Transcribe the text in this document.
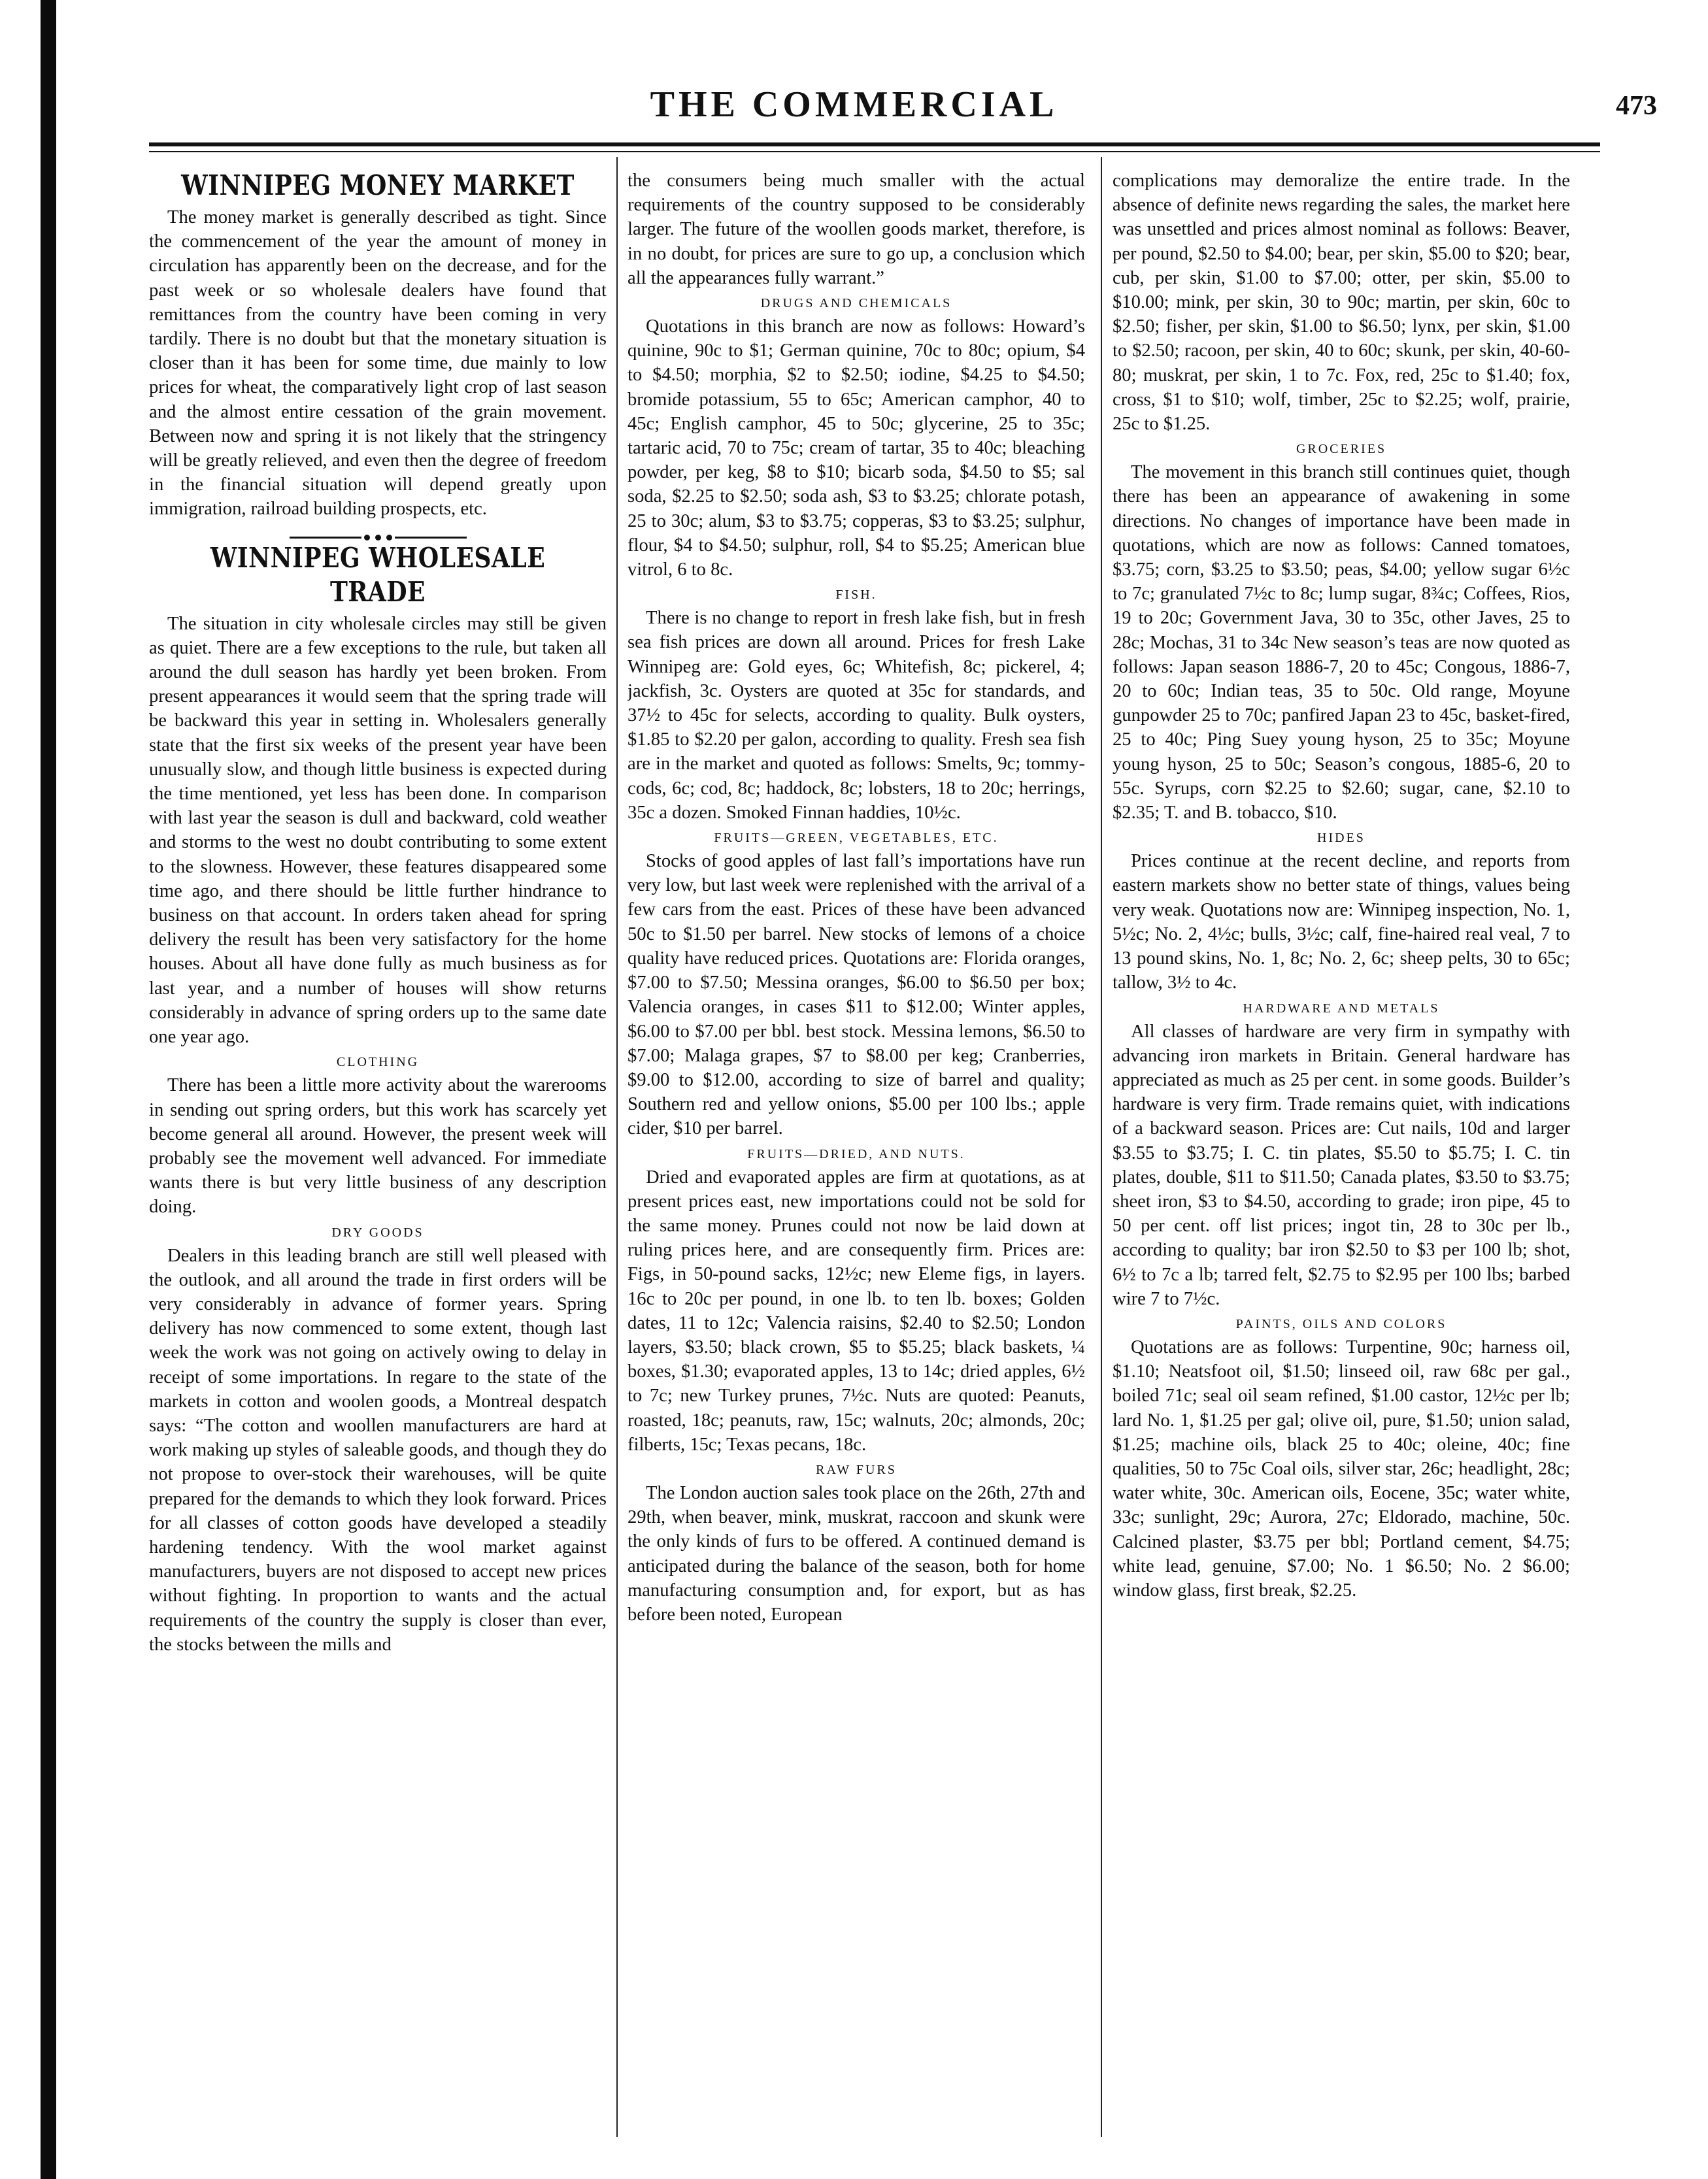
THE COMMERCIAL	473
WINNIPEG MONEY MARKET

The money market is generally described as tight. Since the commencement of the year the amount of money in circulation has apparently been on the decrease, and for the past week or so wholesale dealers have found that remittances from the country have been coming in very tardily. There is no doubt but that the monetary situation is closer than it has been for some time, due mainly to low prices for wheat, the comparatively light crop of last season and the almost entire cessation of the grain movement. Between now and spring it is not likely that the stringency will be greatly relieved, and even then the degree of freedom in the financial situation will depend greatly upon immigration, railroad building prospects, etc.

WINNIPEG WHOLESALE TRADE

The situation in city wholesale circles may still be given as quiet. There are a few exceptions to the rule, but taken all around the dull season has hardly yet been broken. From present appearances it would seem that the spring trade will be backward this year in setting in. Wholesalers generally state that the first six weeks of the present year have been unusually slow, and though little business is expected during the time mentioned, yet less has been done. In comparison with last year the season is dull and backward, cold weather and storms to the west no doubt contributing to some extent to the slowness. However, these features disappeared some time ago, and there should be little further hindrance to business on that account. In orders taken ahead for spring delivery the result has been very satisfactory for the home houses. About all have done fully as much business as for last year, and a number of houses will show returns considerably in advance of spring orders up to the same date one year ago.

CLOTHING

There has been a little more activity about the warerooms in sending out spring orders, but this work has scarcely yet become general all around. However, the present week will probably see the movement well advanced. For immediate wants there is but very little business of any description doing.

DRY GOODS

Dealers in this leading branch are still well pleased with the outlook, and all around the trade in first orders will be very considerably in advance of former years. Spring delivery has now commenced to some extent, though last week the work was not going on actively owing to delay in receipt of some importations. In regare to the state of the markets in cotton and woolen goods, a Montreal despatch says: “The cotton and woollen manufacturers are hard at work making up styles of saleable goods, and though they do not propose to over-stock their warehouses, will be quite prepared for the demands to which they look forward. Prices for all classes of cotton goods have developed a steadily hardening tendency. With the wool market against manufacturers, buyers are not disposed to accept new prices without fighting. In proportion to wants and the actual requirements of the country the supply is closer than ever, the stocks between the mills and

the consumers being much smaller with the actual requirements of the country supposed to be considerably larger. The future of the woollen goods market, therefore, is in no doubt, for prices are sure to go up, a conclusion which all the appearances fully warrant.”

DRUGS AND CHEMICALS

Quotations in this branch are now as follows: Howard’s quinine, 90c to $1; German quinine, 70c to 80c; opium, $4 to $4.50; morphia, $2 to $2.50; iodine, $4.25 to $4.50; bromide potassium, 55 to 65c; American camphor, 40 to 45c; English camphor, 45 to 50c; glycerine, 25 to 35c; tartaric acid, 70 to 75c; cream of tartar, 35 to 40c; bleaching powder, per keg, $8 to $10; bicarb soda, $4.50 to $5; sal soda, $2.25 to $2.50; soda ash, $3 to $3.25; chlorate potash, 25 to 30c; alum, $3 to $3.75; copperas, $3 to $3.25; sulphur, flour, $4 to $4.50; sulphur, roll, $4 to $5.25; American blue vitrol, 6 to 8c.

FISH.

There is no change to report in fresh lake fish, but in fresh sea fish prices are down all around. Prices for fresh Lake Winnipeg are: Gold eyes, 6c; Whitefish, 8c; pickerel, 4; jackfish, 3c. Oysters are quoted at 35c for standards, and 37½ to 45c for selects, according to quality. Bulk oysters, $1.85 to $2.20 per galon, according to quality. Fresh sea fish are in the market and quoted as follows: Smelts, 9c; tommy-cods, 6c; cod, 8c; haddock, 8c; lobsters, 18 to 20c; herrings, 35c a dozen. Smoked Finnan haddies, 10½c.

FRUITS—GREEN, VEGETABLES, ETC.

Stocks of good apples of last fall’s importations have run very low, but last week were replenished with the arrival of a few cars from the east. Prices of these have been advanced 50c to $1.50 per barrel. New stocks of lemons of a choice quality have reduced prices. Quotations are: Florida oranges, $7.00 to $7.50; Messina oranges, $6.00 to $6.50 per box; Valencia oranges, in cases $11 to $12.00; Winter apples, $6.00 to $7.00 per bbl. best stock. Messina lemons, $6.50 to $7.00; Malaga grapes, $7 to $8.00 per keg; Cranberries, $9.00 to $12.00, according to size of barrel and quality; Southern red and yellow onions, $5.00 per 100 lbs.; apple cider, $10 per barrel.

FRUITS—DRIED, AND NUTS.

Dried and evaporated apples are firm at quotations, as at present prices east, new importations could not be sold for the same money. Prunes could not now be laid down at ruling prices here, and are consequently firm. Prices are: Figs, in 50-pound sacks, 12½c; new Eleme figs, in layers. 16c to 20c per pound, in one lb. to ten lb. boxes; Golden dates, 11 to 12c; Valencia raisins, $2.40 to $2.50; London layers, $3.50; black crown, $5 to $5.25; black baskets, ¼ boxes, $1.30; evaporated apples, 13 to 14c; dried apples, 6½ to 7c; new Turkey prunes, 7½c. Nuts are quoted: Peanuts, roasted, 18c; peanuts, raw, 15c; walnuts, 20c; almonds, 20c; filberts, 15c; Texas pecans, 18c.

RAW FURS

The London auction sales took place on the 26th, 27th and 29th, when beaver, mink, muskrat, raccoon and skunk were the only kinds of furs to be offered. A continued demand is anticipated during the balance of the season, both for home manufacturing consumption and, for export, but as has before been noted, European

complications may demoralize the entire trade. In the absence of definite news regarding the sales, the market here was unsettled and prices almost nominal as follows: Beaver, per pound, $2.50 to $4.00; bear, per skin, $5.00 to $20; bear, cub, per skin, $1.00 to $7.00; otter, per skin, $5.00 to $10.00; mink, per skin, 30 to 90c; martin, per skin, 60c to $2.50; fisher, per skin, $1.00 to $6.50; lynx, per skin, $1.00 to $2.50; racoon, per skin, 40 to 60c; skunk, per skin, 40-60-80; muskrat, per skin, 1 to 7c. Fox, red, 25c to $1.40; fox, cross, $1 to $10; wolf, timber, 25c to $2.25; wolf, prairie, 25c to $1.25.

GROCERIES

The movement in this branch still continues quiet, though there has been an appearance of awakening in some directions. No changes of importance have been made in quotations, which are now as follows: Canned tomatoes, $3.75; corn, $3.25 to $3.50; peas, $4.00; yellow sugar 6½c to 7c; granulated 7½c to 8c; lump sugar, 8¾c; Coffees, Rios, 19 to 20c; Government Java, 30 to 35c, other Javes, 25 to 28c; Mochas, 31 to 34c New season’s teas are now quoted as follows: Japan season 1886-7, 20 to 45c; Congous, 1886-7, 20 to 60c; Indian teas, 35 to 50c. Old range, Moyune gunpowder 25 to 70c; panfired Japan 23 to 45c, basket-fired, 25 to 40c; Ping Suey young hyson, 25 to 35c; Moyune young hyson, 25 to 50c; Season’s congous, 1885-6, 20 to 55c. Syrups, corn $2.25 to $2.60; sugar, cane, $2.10 to $2.35; T. and B. tobacco, $10.

HIDES

Prices continue at the recent decline, and reports from eastern markets show no better state of things, values being very weak. Quotations now are: Winnipeg inspection, No. 1, 5½c; No. 2, 4½c; bulls, 3½c; calf, fine-haired real veal, 7 to 13 pound skins, No. 1, 8c; No. 2, 6c; sheep pelts, 30 to 65c; tallow, 3½ to 4c.

HARDWARE AND METALS

All classes of hardware are very firm in sympathy with advancing iron markets in Britain. General hardware has appreciated as much as 25 per cent. in some goods. Builder’s hardware is very firm. Trade remains quiet, with indications of a backward season. Prices are: Cut nails, 10d and larger $3.55 to $3.75; I. C. tin plates, $5.50 to $5.75; I. C. tin plates, double, $11 to $11.50; Canada plates, $3.50 to $3.75; sheet iron, $3 to $4.50, according to grade; iron pipe, 45 to 50 per cent. off list prices; ingot tin, 28 to 30c per lb., according to quality; bar iron $2.50 to $3 per 100 lb; shot, 6½ to 7c a lb; tarred felt, $2.75 to $2.95 per 100 lbs; barbed wire 7 to 7½c.

PAINTS, OILS AND COLORS

Quotations are as follows: Turpentine, 90c; harness oil, $1.10; Neatsfoot oil, $1.50; linseed oil, raw 68c per gal., boiled 71c; seal oil seam refined, $1.00 castor, 12½c per lb; lard No. 1, $1.25 per gal; olive oil, pure, $1.50; union salad, $1.25; machine oils, black 25 to 40c; oleine, 40c; fine qualities, 50 to 75c Coal oils, silver star, 26c; headlight, 28c; water white, 30c. American oils, Eocene, 35c; water white, 33c; sunlight, 29c; Aurora, 27c; Eldorado, machine, 50c. Calcined plaster, $3.75 per bbl; Portland cement, $4.75; white lead, genuine, $7.00; No. 1 $6.50; No. 2 $6.00; window glass, first break, $2.25.
